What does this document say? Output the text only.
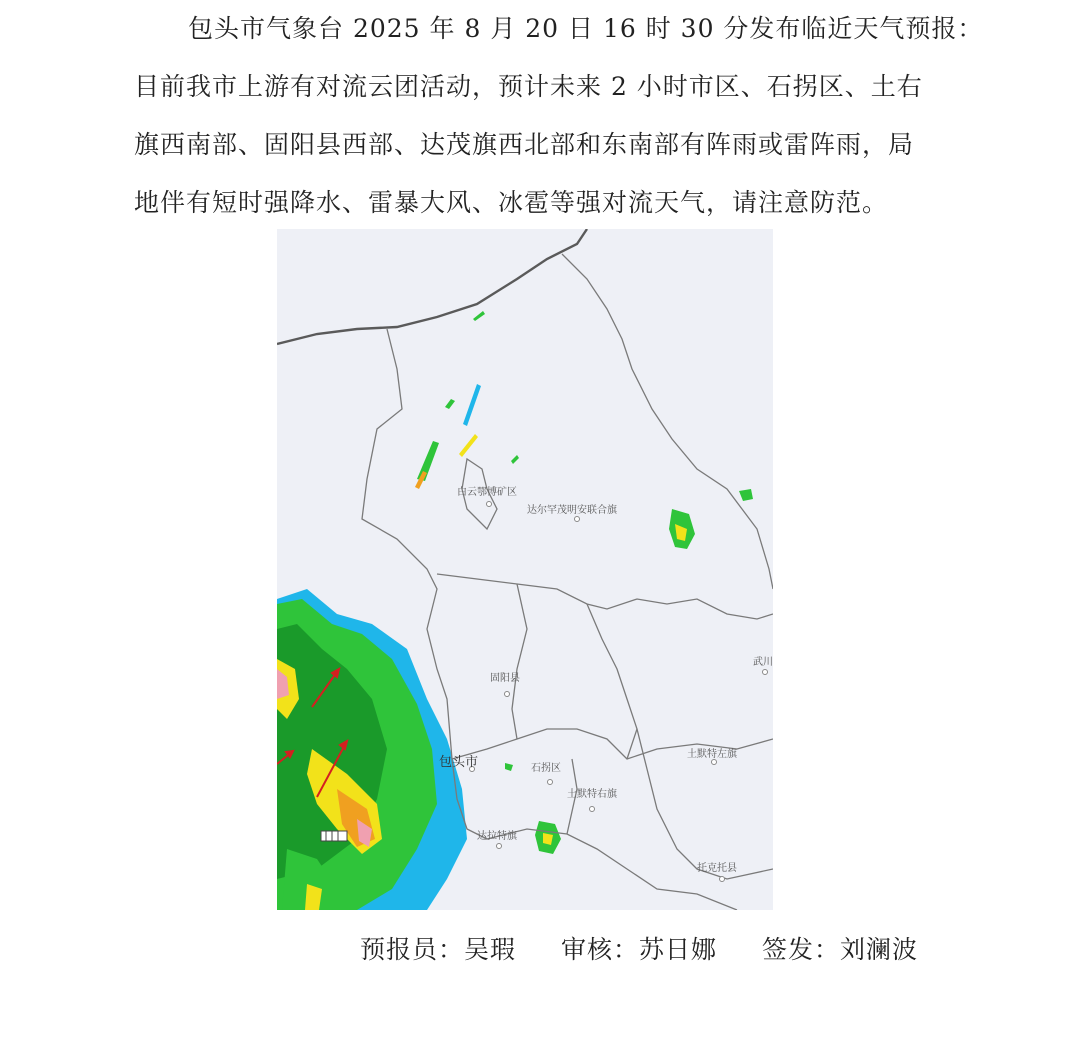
包头市气象台 2025 年 8 月 20 日 16 时 30 分发布临近天气预报：
目前我市上游有对流云团活动，预计未来 2 小时市区、石拐区、土右
旗西南部、固阳县西部、达茂旗西北部和东南部有阵雨或雷阵雨，局
地伴有短时强降水、雷暴大风、冰雹等强对流天气，请注意防范。
白云鄂博矿区
达尔罕茂明安联合旗
固阳县
武川
包头市	石拐区
土默特左旗
土默特右旗
达拉特旗
托克托县
预报员：吴瑕 审核：苏日娜 签发：刘澜波
